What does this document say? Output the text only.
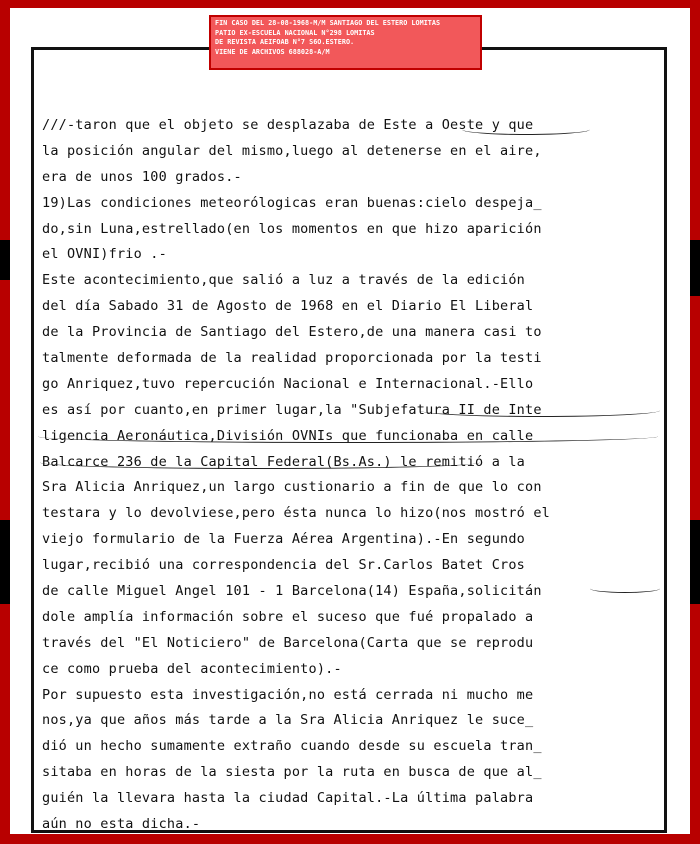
FIN CASO DEL 28-08-1968-M/M SANTIAGO DEL ESTERO LOMITAS
PATIO EX-ESCUELA NACIONAL N°298 LOMITAS
DE REVISTA AEIFOAB N°7 S6O.ESTERO.
VIENE DE ARCHIVOS 688028-A/M
///-taron que el objeto se desplazaba de Este a Oeste y que
la posición angular del mismo,luego al detenerse en el aire,
era de unos 100 grados.-
19)Las condiciones meteorólogicas eran buenas:cielo despeja_
do,sin Luna,estrellado(en los momentos en que hizo aparición
el OVNI)frio .-
Este acontecimiento,que salió a luz a través de la edición
del día Sabado 31 de Agosto de 1968 en el Diario El Liberal
de la Provincia de Santiago del Estero,de una manera casi to
talmente deformada de la realidad proporcionada por la testi
go Anriquez,tuvo repercución Nacional e Internacional.-Ello
es así por cuanto,en primer lugar,la "Subjefatura II de Inte
ligencia Aeronáutica,División OVNIs que funcionaba en calle
Balcarce 236 de la Capital Federal(Bs.As.) le remitió a la
Sra Alicia Anriquez,un largo custionario a fin de que lo con
testara y lo devolviese,pero ésta nunca lo hizo(nos mostró el
viejo formulario de la Fuerza Aérea Argentina).-En segundo
lugar,recibió una correspondencia del Sr.Carlos Batet Cros
de calle Miguel Angel 101 - 1 Barcelona(14) España,solicitán
dole amplía información sobre el suceso que fué propalado a
través del "El Noticiero" de Barcelona(Carta que se reprodu
ce como prueba del acontecimiento).-
Por supuesto esta investigación,no está cerrada ni mucho me
nos,ya que años más tarde a la Sra Alicia Anriquez le suce_
dió un hecho sumamente extraño cuando desde su escuela tran_
sitaba en horas de la siesta por la ruta en busca de que al_
guién la llevara hasta la ciudad Capital.-La última palabra
aún no esta dicha.-
